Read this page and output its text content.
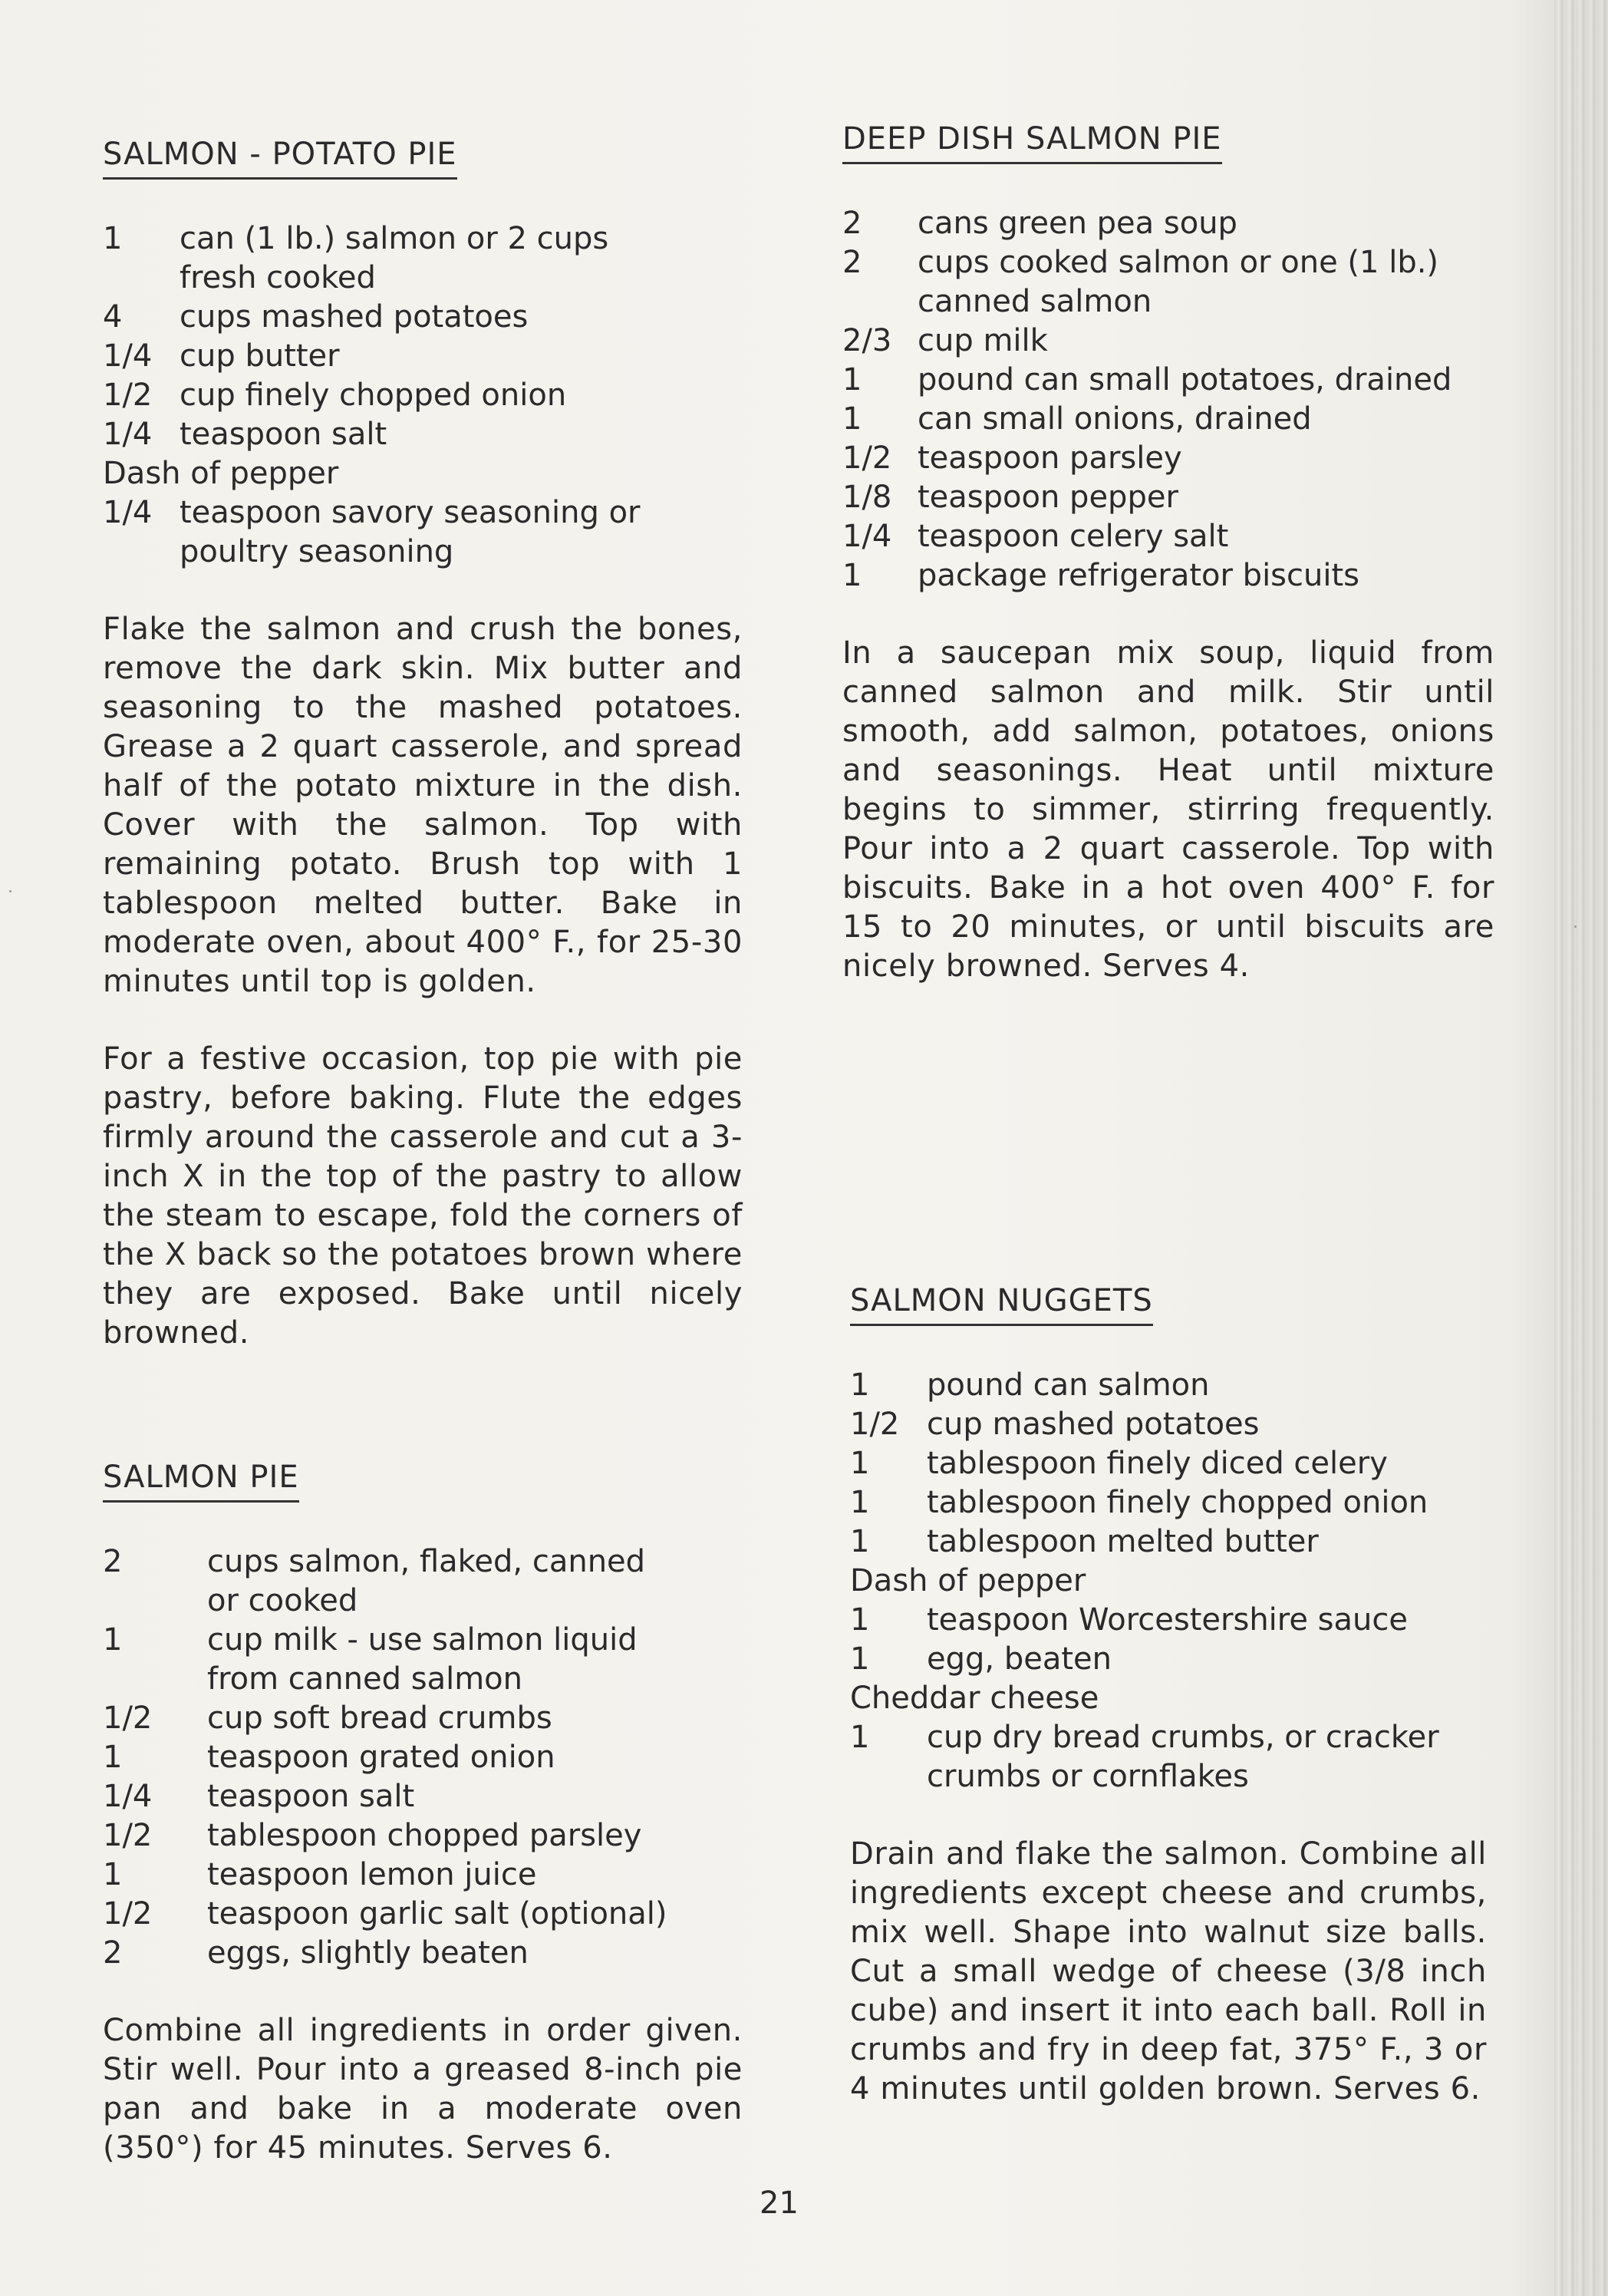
SALMON - POTATO PIE
1	can (1 lb.) salmon or 2 cups
fresh cooked
4	cups mashed potatoes
1/4 cup butter
1/2 cup finely chopped onion
1/4 teaspoon salt
Dash of pepper
1/4 teaspoon savory seasoning or
poultry seasoning
Flake the salmon and crush the bones, remove the dark skin. Mix butter and seasoning to the mashed potatoes. Grease a 2 quart casserole, and spread half of the potato mixture in the dish. Cover with the salmon. Top with remaining potato. Brush top with 1 tablespoon melted butter. Bake in moderate oven, about 400° F., for 25-30 minutes until top is golden.
For a festive occasion, top pie with pie pastry, before baking. Flute the edges firmly around the casserole and cut a 3-inch X in the top of the pastry to allow the steam to escape, fold the corners of the X back so the potatoes brown where they are exposed. Bake until nicely browned.
SALMON PIE
2	cups salmon, flaked, canned
or cooked
1	cup milk - use salmon liquid
from canned salmon
1/2	cup soft bread crumbs
1	teaspoon grated onion
1/4	teaspoon salt
1/2	tablespoon chopped parsley
1	teaspoon lemon juice
1/2	teaspoon garlic salt (optional)
2	eggs, slightly beaten
Combine all ingredients in order given. Stir well. Pour into a greased 8-inch pie pan and bake in a moderate oven (350°) for 45 minutes. Serves 6.
DEEP DISH SALMON PIE
2	cans green pea soup
2	cups cooked salmon or one (1 lb.)
canned salmon
2/3 cup milk
1	pound can small potatoes, drained
1	can small onions, drained
1/2 teaspoon parsley
1/8 teaspoon pepper
1/4 teaspoon celery salt
1	package refrigerator biscuits
In a saucepan mix soup, liquid from canned salmon and milk. Stir until smooth, add salmon, potatoes, onions and seasonings. Heat until mixture begins to simmer, stirring frequently. Pour into a 2 quart casserole. Top with biscuits. Bake in a hot oven 400° F. for 15 to 20 minutes, or until biscuits are nicely browned. Serves 4.
SALMON NUGGETS
1	pound can salmon
1/2 cup mashed potatoes
1	tablespoon finely diced celery
1	tablespoon finely chopped onion
1	tablespoon melted butter
Dash of pepper
1	teaspoon Worcestershire sauce
1	egg, beaten
Cheddar cheese
1	cup dry bread crumbs, or cracker
crumbs or cornflakes
Drain and flake the salmon. Combine all ingredients except cheese and crumbs, mix well. Shape into walnut size balls. Cut a small wedge of cheese (3/8 inch cube) and insert it into each ball. Roll in crumbs and fry in deep fat, 375° F., 3 or 4 minutes until golden brown. Serves 6.
21
